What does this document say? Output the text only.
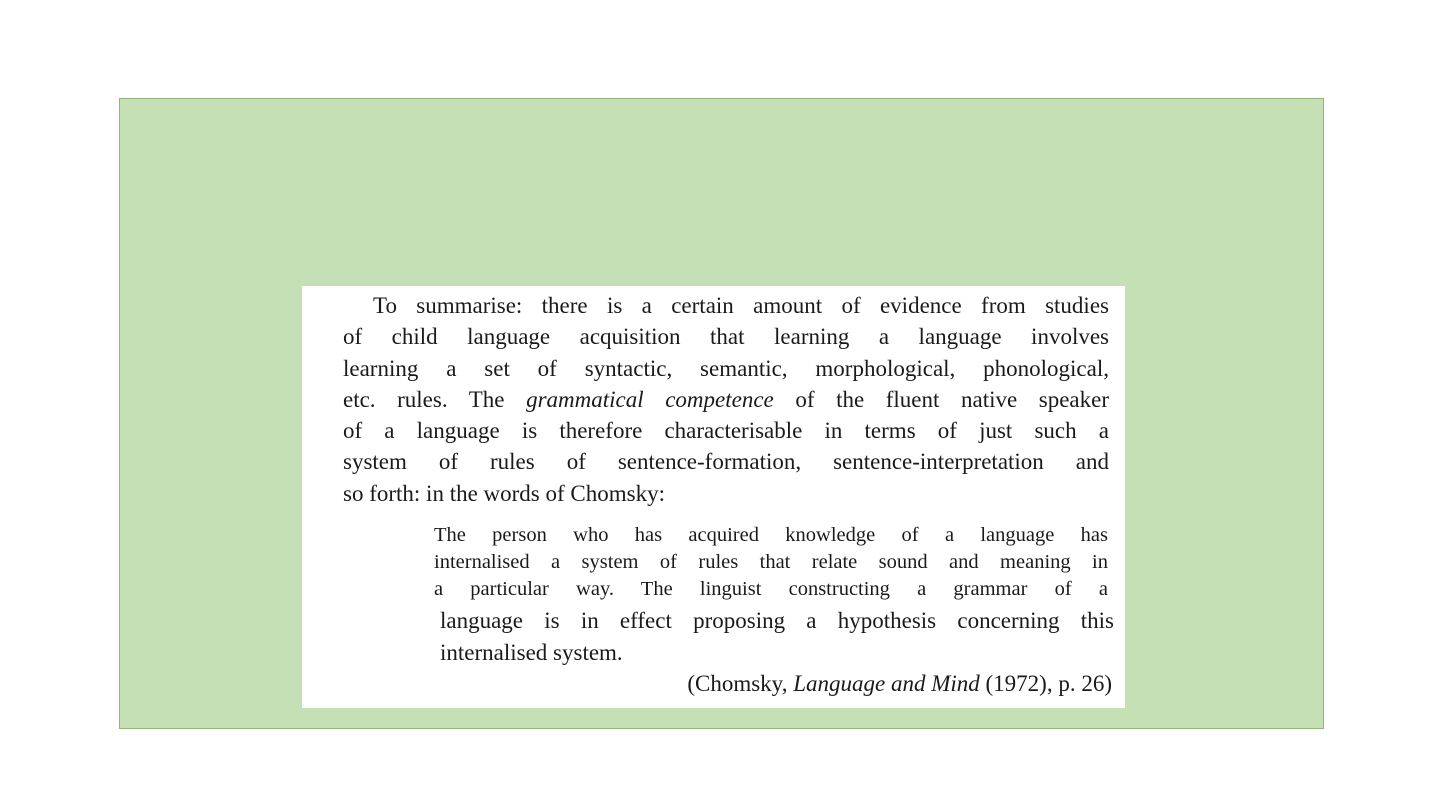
To summarise: there is a certain amount of evidence from studies
of child language acquisition that learning a language involves
learning a set of syntactic, semantic, morphological, phonological,
etc. rules. The grammatical competence of the fluent native speaker
of a language is therefore characterisable in terms of just such a
system of rules of sentence-formation, sentence-interpretation and
so forth: in the words of Chomsky:
The person who has acquired knowledge of a language has
internalised a system of rules that relate sound and meaning in
a particular way. The linguist constructing a grammar of a
language is in effect proposing a hypothesis concerning this
internalised system.
(Chomsky, Language and Mind (1972), p. 26)
